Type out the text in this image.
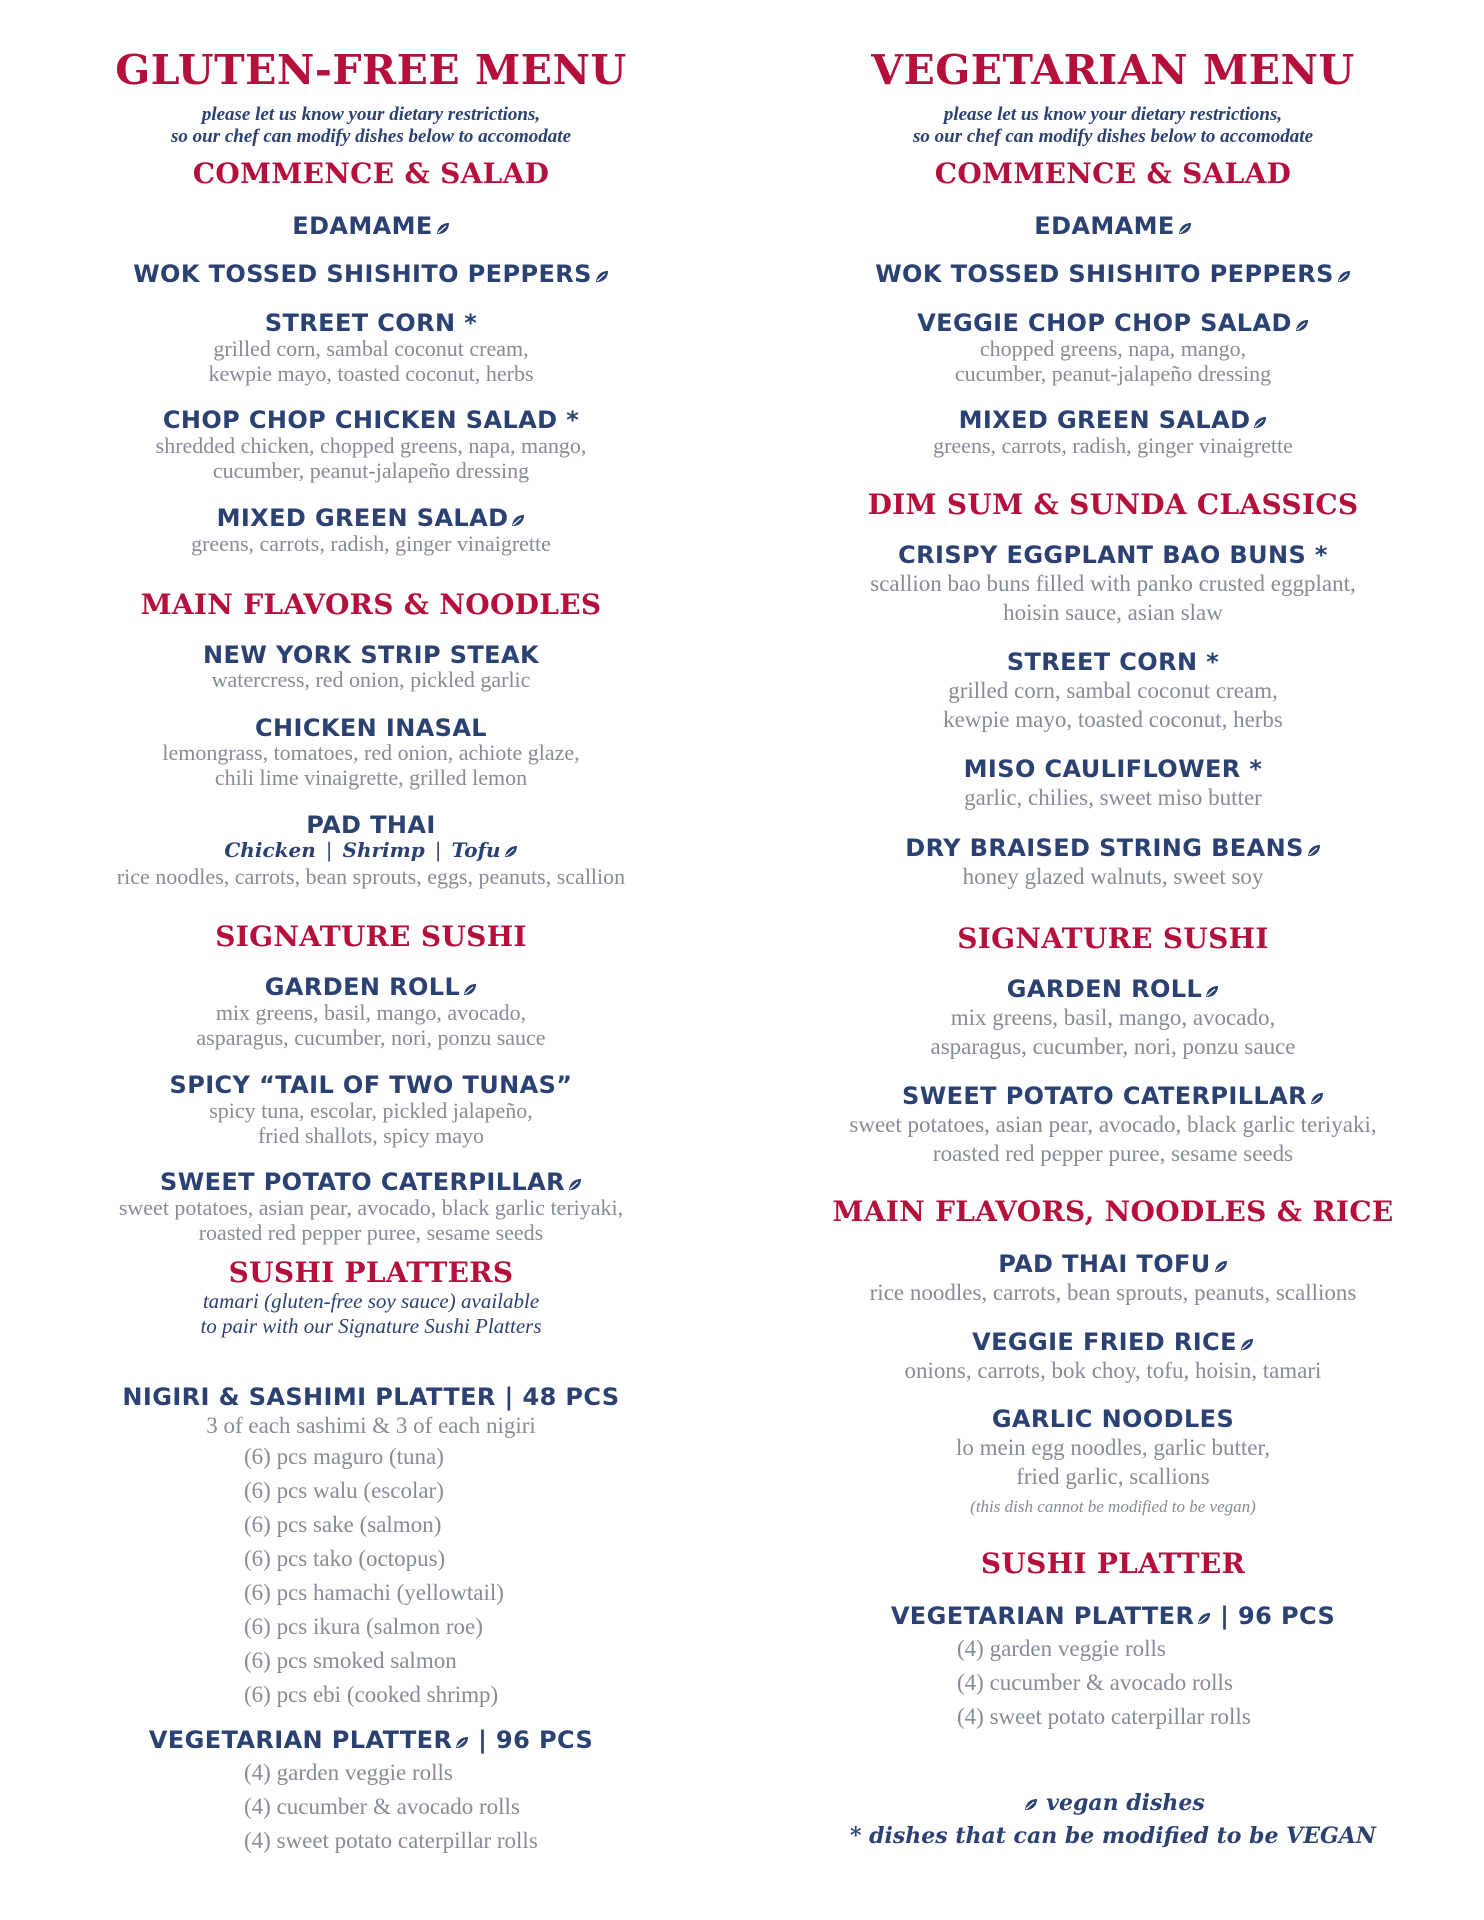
GLUTEN-FREE MENU
please let us know your dietary restrictions,
so our chef can modify dishes below to accomodate
COMMENCE & SALAD
EDAMAME
WOK TOSSED SHISHITO PEPPERS
STREET CORN *
grilled corn, sambal coconut cream,
kewpie mayo, toasted coconut, herbs
CHOP CHOP CHICKEN SALAD *
shredded chicken, chopped greens, napa, mango,
cucumber, peanut-jalapeño dressing
MIXED GREEN SALAD
greens, carrots, radish, ginger vinaigrette
MAIN FLAVORS & NOODLES
NEW YORK STRIP STEAK
watercress, red onion, pickled garlic
CHICKEN INASAL
lemongrass, tomatoes, red onion, achiote glaze,
chili lime vinaigrette, grilled lemon
PAD THAI
Chicken | Shrimp | Tofu
rice noodles, carrots, bean sprouts, eggs, peanuts, scallion
SIGNATURE SUSHI
GARDEN ROLL
mix greens, basil, mango, avocado,
asparagus, cucumber, nori, ponzu sauce
SPICY “TAIL OF TWO TUNAS”
spicy tuna, escolar, pickled jalapeño,
fried shallots, spicy mayo
SWEET POTATO CATERPILLAR
sweet potatoes, asian pear, avocado, black garlic teriyaki,
roasted red pepper puree, sesame seeds
SUSHI PLATTERS
tamari (gluten-free soy sauce) available
to pair with our Signature Sushi Platters
NIGIRI & SASHIMI PLATTER | 48 PCS
3 of each sashimi & 3 of each nigiri
(6) pcs maguro (tuna)
(6) pcs walu (escolar)
(6) pcs sake (salmon)
(6) pcs tako (octopus)
(6) pcs hamachi (yellowtail)
(6) pcs ikura (salmon roe)
(6) pcs smoked salmon
(6) pcs ebi (cooked shrimp)
VEGETARIAN PLATTER | 96 PCS
(4) garden veggie rolls
(4) cucumber & avocado rolls
(4) sweet potato caterpillar rolls
VEGETARIAN MENU
please let us know your dietary restrictions,
so our chef can modify dishes below to accomodate
COMMENCE & SALAD
EDAMAME
WOK TOSSED SHISHITO PEPPERS
VEGGIE CHOP CHOP SALAD
chopped greens, napa, mango,
cucumber, peanut-jalapeño dressing
MIXED GREEN SALAD
greens, carrots, radish, ginger vinaigrette
DIM SUM & SUNDA CLASSICS
CRISPY EGGPLANT BAO BUNS *
scallion bao buns filled with panko crusted eggplant,
hoisin sauce, asian slaw
STREET CORN *
grilled corn, sambal coconut cream,
kewpie mayo, toasted coconut, herbs
MISO CAULIFLOWER *
garlic, chilies, sweet miso butter
DRY BRAISED STRING BEANS
honey glazed walnuts, sweet soy
SIGNATURE SUSHI
GARDEN ROLL
mix greens, basil, mango, avocado,
asparagus, cucumber, nori, ponzu sauce
SWEET POTATO CATERPILLAR
sweet potatoes, asian pear, avocado, black garlic teriyaki,
roasted red pepper puree, sesame seeds
MAIN FLAVORS, NOODLES & RICE
PAD THAI TOFU
rice noodles, carrots, bean sprouts, peanuts, scallions
VEGGIE FRIED RICE
onions, carrots, bok choy, tofu, hoisin, tamari
GARLIC NOODLES
lo mein egg noodles, garlic butter,
fried garlic, scallions
(this dish cannot be modified to be vegan)
SUSHI PLATTER
VEGETARIAN PLATTER | 96 PCS
(4) garden veggie rolls
(4) cucumber & avocado rolls
(4) sweet potato caterpillar rolls
vegan dishes
* dishes that can be modified to be VEGAN
